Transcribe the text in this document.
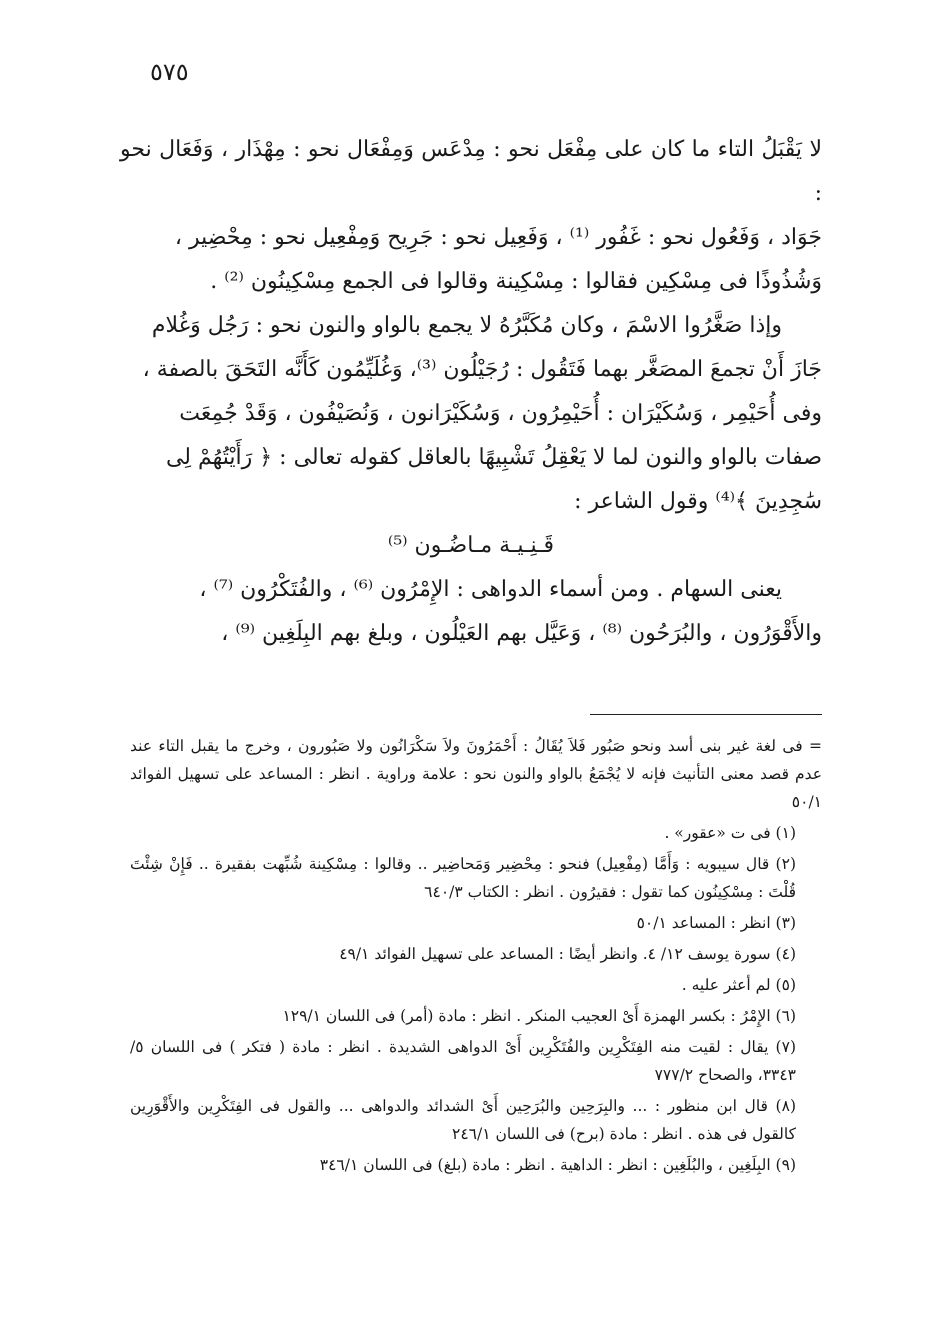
٥٧٥

لا يَقْبَلُ التاء ما كان على مِفْعَل نحو : مِدْعَس وَمِفْعَال نحو : مِهْذَار ، وَفَعَال نحو :

جَوَاد ، وَفَعُول نحو : غَفُور ⁽¹⁾ ، وَفَعِيل نحو : جَرِيح وَمِفْعِيل نحو : مِحْضِير ،

وَشُذُوذًا فى مِسْكِين فقالوا : مِسْكِينة وقالوا فى الجمع مِسْكِينُون ⁽²⁾ .

وإذا صَغَّرُوا الاسْمَ ، وكان مُكَبَّرُهُ لا يجمع بالواو والنون نحو : رَجُل وَغُلام

جَازَ أَنْ تجمعَ المصَغَّر بهما فَتَقُول : رُجَيْلُون ⁽³⁾، وَغُلَيِّمُون كَأَنَّه التَحَقَ بالصفة ،

وفى أُحَيْمِر ، وَسُكَيْرَان : أُحَيْمِرُون ، وَسُكَيْرَانون ، وَنُصَيْفُون ، وَقَدْ جُمِعَت

صفات بالواو والنون لما لا يَعْقِلُ تَشْبِيهًا بالعاقل كقوله تعالى : ﴿ رَأَيْتُهُمْ لِى

سَٰجِدِينَ ﴾⁽⁴⁾ وقول الشاعر :

قَـنِـيـة مـاضُـون ⁽⁵⁾

يعنى السهام . ومن أسماء الدواهى : الإِمْرُون ⁽⁶⁾ ، والفُتَكْرُون ⁽⁷⁾ ،

والأَقْوَرُون ، والبُرَحُون ⁽⁸⁾ ، وَعَيَّل بهم العَيْلُون ، وبلغ بهم البِلَغِين ⁽⁹⁾ ،

= فى لغة غير بنى أسد ونحو صَبُور فَلاَ يُقَالُ : أَحْمَرُونَ ولاَ سَكْرَانُون ولا صَبُورون ، وخرج ما يقبل التاء عند عدم قصد معنى التأنيث فإنه لا يُجْمَعُ بالواو والنون نحو : علامة وراوية . انظر : المساعد على تسهيل الفوائد ٥٠/١

(١) فى ت «عقور» .

(٢) قال سيبويه : وَأَمَّا (مِفْعِيل) فنحو : مِحْضِير وَمَحاضِير .. وقالوا : مِسْكِينة شُبِّهت بفقيرة .. فَإِنْ شِئْتَ قُلْتَ : مِسْكِينُون كما تقول : فقيرُون . انظر : الكتاب ٦٤٠/٣

(٣) انظر : المساعد ٥٠/١

(٤) سورة يوسف ١٢/ ٤. وانظر أيضًا : المساعد على تسهيل الفوائد ٤٩/١

(٥) لم أعثر عليه .

(٦) الإِمْرُ : بكسر الهمزة أَىْ العجيب المنكر . انظر : مادة (أمر) فى اللسان ١٢٩/١

(٧) يقال : لقيت منه الفِتَكْرِين والفُتَكْرِين أَىْ الدواهى الشديدة . انظر : مادة ( فتكر ) فى اللسان ٥/ ٣٣٤٣، والصحاح ٧٧٧/٢

(٨) قال ابن منظور : ... والبِرَحِين والبُرَحِين أَىْ الشدائد والدواهى ... والقول فى الفِتَكْرِين والأَقْوَرِين كالقول فى هذه . انظر : مادة (برح) فى اللسان ٢٤٦/١

(٩) البِلَغِين ، والبُلَغِين : انظر : الداهية . انظر : مادة (بلغ) فى اللسان ٣٤٦/١
